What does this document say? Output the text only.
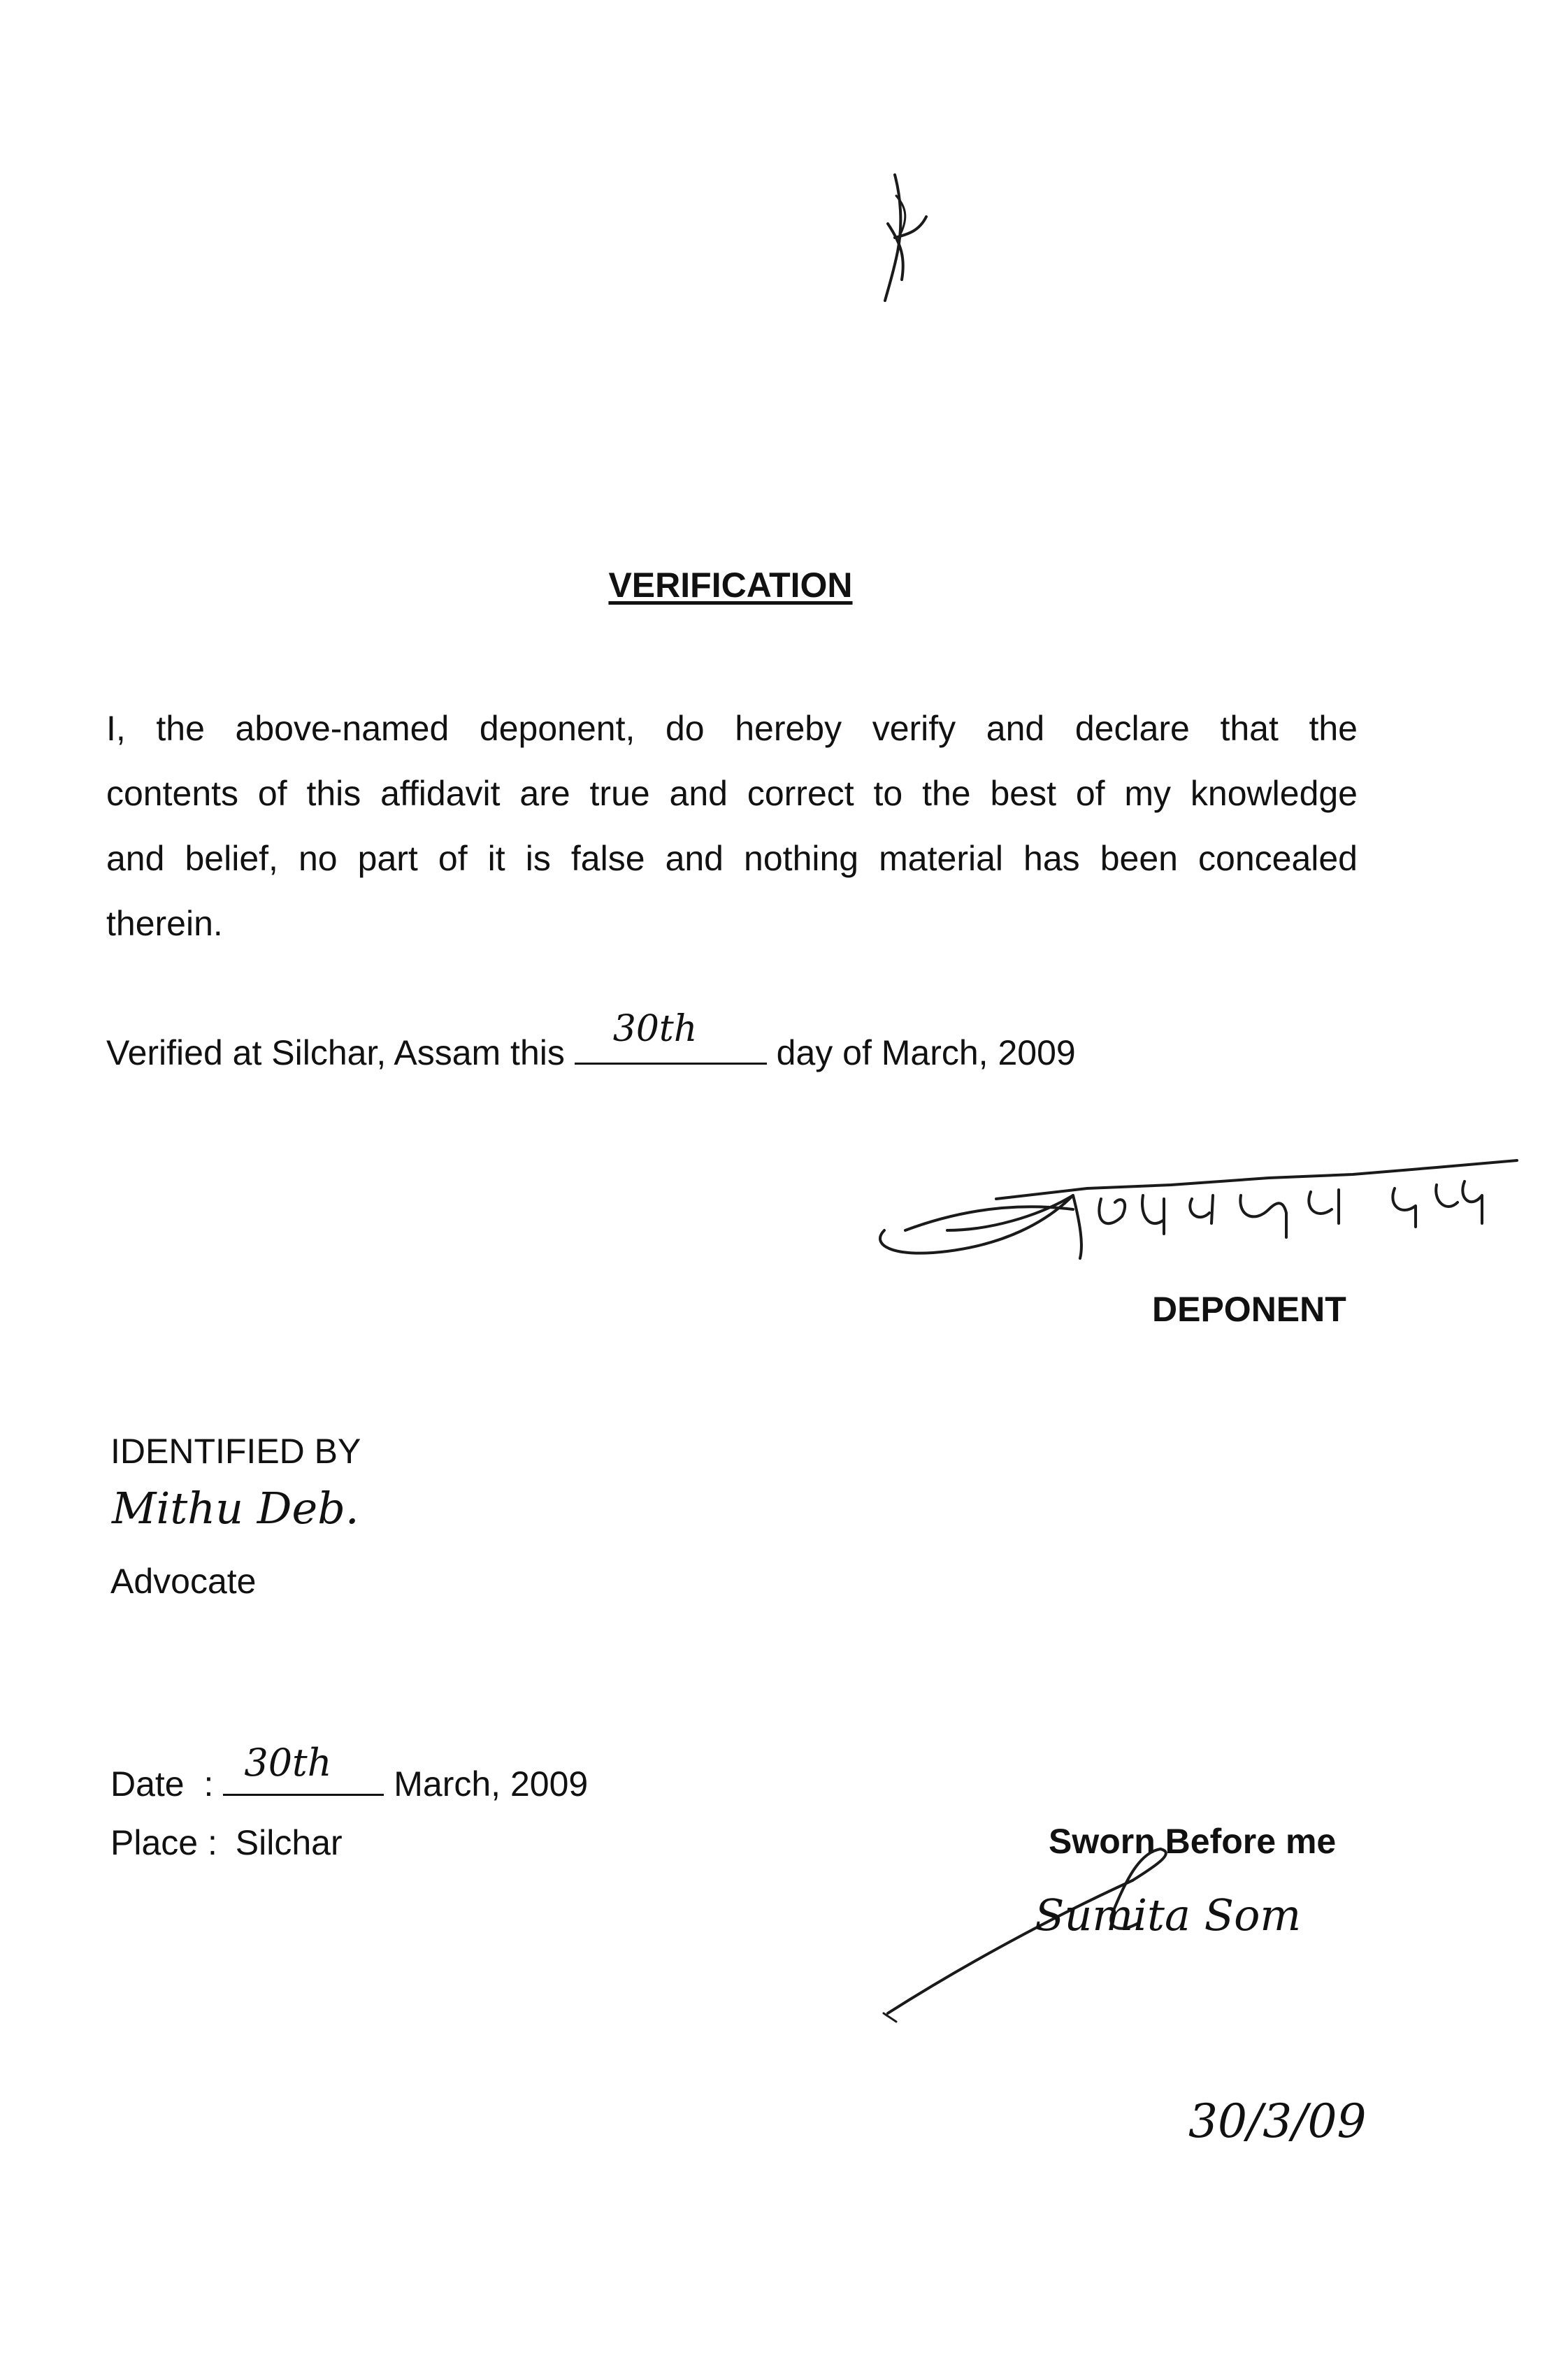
VERIFICATION
I, the above-named deponent, do hereby verify and declare that the
contents of this affidavit are true and correct to the best of my knowledge
and belief, no part of it is false and nothing material has been concealed
therein.
Verified at Silchar, Assam this
30th
day of March, 2009
DEPONENT
IDENTIFIED BY
Mithu Deb.
Advocate
Date : 30th March, 2009
Place : Silchar	Sworn Before me
Sumita Som
30/3/09
